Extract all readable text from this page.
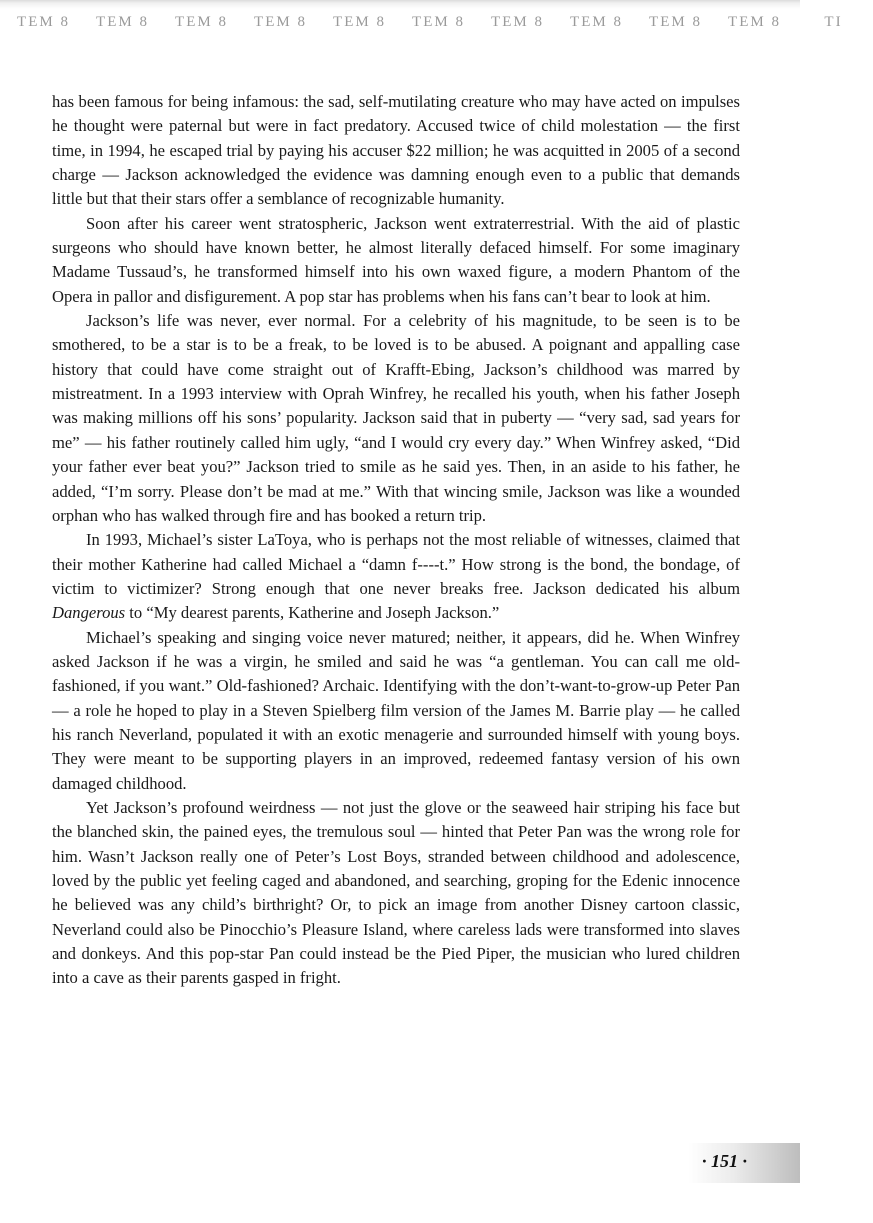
TEM 8	TEM 8	TEM 8	TEM 8	TEM 8	TEM 8	TEM 8	TEM 8	TEM 8	TEM 8	TI

has been famous for being infamous: the sad, self-mutilating creature who may have acted on impulses he thought were paternal but were in fact predatory. Accused twice of child molestation — the first time, in 1994, he escaped trial by paying his accuser $22 million; he was acquitted in 2005 of a second charge — Jackson acknowledged the evidence was damning enough even to a public that demands little but that their stars offer a semblance of recognizable humanity.

Soon after his career went stratospheric, Jackson went extraterrestrial. With the aid of plastic surgeons who should have known better, he almost literally defaced himself. For some imaginary Madame Tussaud’s, he transformed himself into his own waxed figure, a modern Phantom of the Opera in pallor and disfigurement. A pop star has problems when his fans can’t bear to look at him.

Jackson’s life was never, ever normal. For a celebrity of his magnitude, to be seen is to be smothered, to be a star is to be a freak, to be loved is to be abused. A poignant and appalling case history that could have come straight out of Krafft-Ebing, Jackson’s childhood was marred by mistreatment. In a 1993 interview with Oprah Winfrey, he recalled his youth, when his father Joseph was making millions off his sons’ popularity. Jackson said that in puberty — “very sad, sad years for me” — his father routinely called him ugly, “and I would cry every day.” When Winfrey asked, “Did your father ever beat you?” Jackson tried to smile as he said yes. Then, in an aside to his father, he added, “I’m sorry. Please don’t be mad at me.” With that wincing smile, Jackson was like a wounded orphan who has walked through fire and has booked a return trip.

In 1993, Michael’s sister LaToya, who is perhaps not the most reliable of witnesses, claimed that their mother Katherine had called Michael a “damn f----t.” How strong is the bond, the bondage, of victim to victimizer? Strong enough that one never breaks free. Jackson dedicated his album Dangerous to “My dearest parents, Katherine and Joseph Jackson.”

Michael’s speaking and singing voice never matured; neither, it appears, did he. When Winfrey asked Jackson if he was a virgin, he smiled and said he was “a gentleman. You can call me old-fashioned, if you want.” Old-fashioned? Archaic. Identifying with the don’t-want-to-grow-up Peter Pan — a role he hoped to play in a Steven Spielberg film version of the James M. Barrie play — he called his ranch Neverland, populated it with an exotic menagerie and surrounded himself with young boys. They were meant to be supporting players in an improved, redeemed fantasy version of his own damaged childhood.

Yet Jackson’s profound weirdness — not just the glove or the seaweed hair striping his face but the blanched skin, the pained eyes, the tremulous soul — hinted that Peter Pan was the wrong role for him. Wasn’t Jackson really one of Peter’s Lost Boys, stranded between childhood and adolescence, loved by the public yet feeling caged and abandoned, and searching, groping for the Edenic innocence he believed was any child’s birthright? Or, to pick an image from another Disney cartoon classic, Neverland could also be Pinocchio’s Pleasure Island, where careless lads were transformed into slaves and donkeys. And this pop-star Pan could instead be the Pied Piper, the musician who lured children into a cave as their parents gasped in fright.

· 151 ·
